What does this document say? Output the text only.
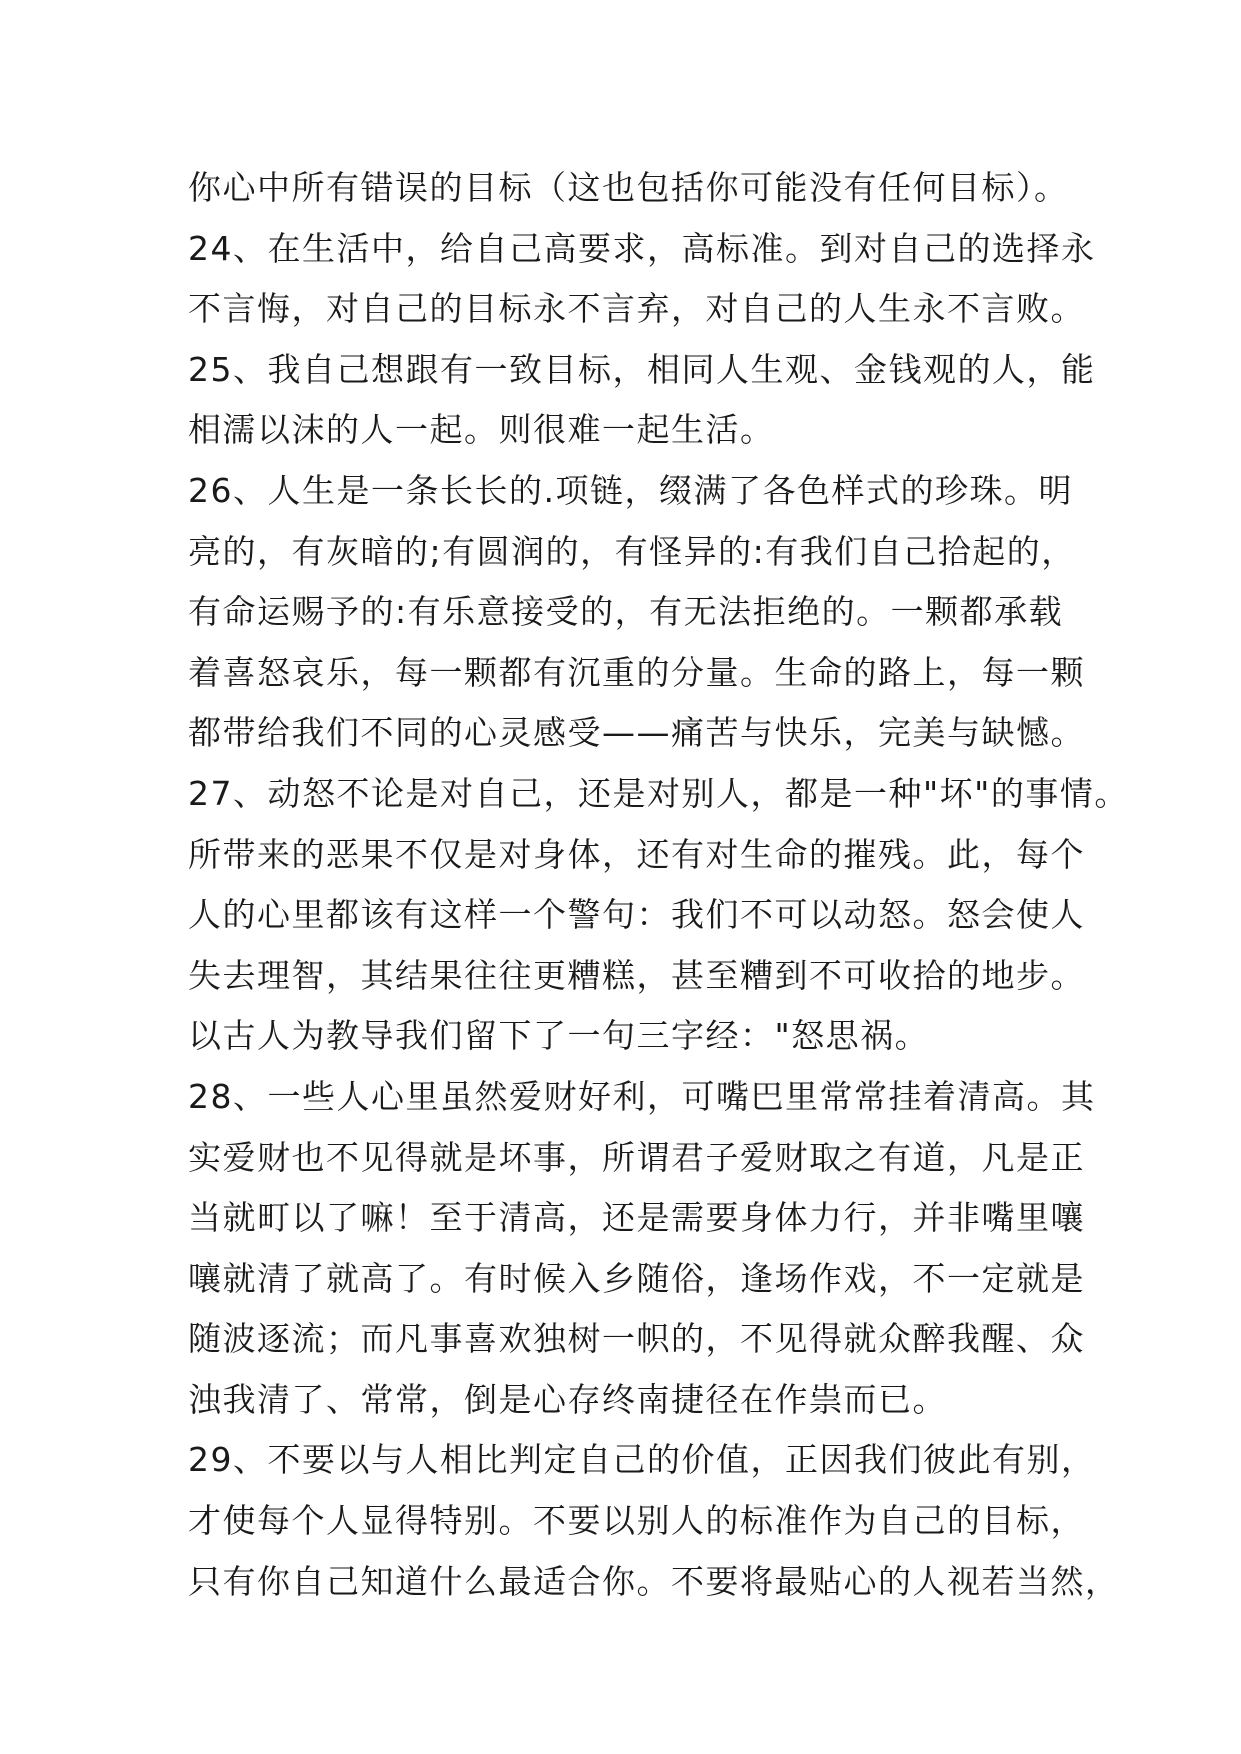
你心中所有错误的目标（这也包括你可能没有任何目标）。
24、在生活中，给自己高要求，高标准。到对自己的选择永
不言悔，对自己的目标永不言弃，对自己的人生永不言败。
25、我自己想跟有一致目标，相同人生观、金钱观的人，能
相濡以沫的人一起。则很难一起生活。
26、人生是一条长长的.项链，缀满了各色样式的珍珠。明
亮的，有灰暗的;有圆润的，有怪异的:有我们自己拾起的，
有命运赐予的:有乐意接受的，有无法拒绝的。一颗都承载
着喜怒哀乐，每一颗都有沉重的分量。生命的路上，每一颗
都带给我们不同的心灵感受——痛苦与快乐，完美与缺憾。
27、动怒不论是对自己，还是对别人，都是一种"坏"的事情。
所带来的恶果不仅是对身体，还有对生命的摧残。此，每个
人的心里都该有这样一个警句：我们不可以动怒。怒会使人
失去理智，其结果往往更糟糕，甚至糟到不可收拾的地步。
以古人为教导我们留下了一句三字经："怒思祸。
28、一些人心里虽然爱财好利，可嘴巴里常常挂着清高。其
实爱财也不见得就是坏事，所谓君子爱财取之有道，凡是正
当就町以了嘛！至于清高，还是需要身体力行，并非嘴里嚷
嚷就清了就高了。有时候入乡随俗，逢场作戏，不一定就是
随波逐流；而凡事喜欢独树一帜的，不见得就众醉我醒、众
浊我清了、常常，倒是心存终南捷径在作祟而已。
29、不要以与人相比判定自己的价值，正因我们彼此有别，
才使每个人显得特别。不要以别人的标准作为自己的目标，
只有你自己知道什么最适合你。不要将最贴心的人视若当然，
